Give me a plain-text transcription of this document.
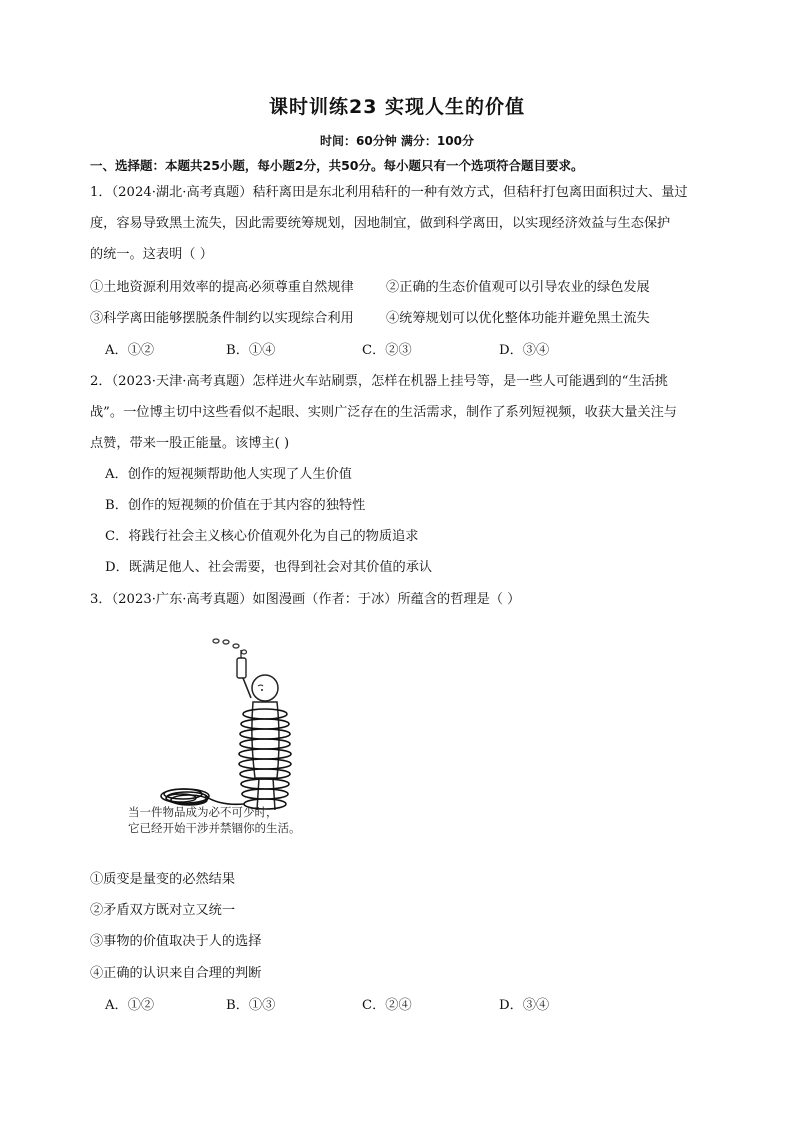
课时训练23 实现人生的价值
时间：60分钟 满分：100分
一、选择题：本题共25小题，每小题2分，共50分。每小题只有一个选项符合题目要求。
1．（2024·湖北·高考真题）秸秆离田是东北利用秸秆的一种有效方式，但秸秆打包离田面积过大、量过
度，容易导致黑土流失，因此需要统筹规划，因地制宜，做到科学离田，以实现经济效益与生态保护
的统一。这表明（ ）
①土地资源利用效率的提高必须尊重自然规律 ②正确的生态价值观可以引导农业的绿色发展
③科学离田能够摆脱条件制约以实现综合利用 ④统筹规划可以优化整体功能并避免黑土流失
A．①②	B．①④	C．②③	D．③④
2．（2023·天津·高考真题）怎样进火车站刷票，怎样在机器上挂号等，是一些人可能遇到的“生活挑
战”。一位博主切中这些看似不起眼、实则广泛存在的生活需求，制作了系列短视频，收获大量关注与
点赞，带来一股正能量。该博主( )
A．创作的短视频帮助他人实现了人生价值
B．创作的短视频的价值在于其内容的独特性
C．将践行社会主义核心价值观外化为自己的物质追求
D．既满足他人、社会需要，也得到社会对其价值的承认
3．（2023·广东·高考真题）如图漫画（作者：于冰）所蕴含的哲理是（ ）
当一件物品成为必不可少时，
它已经开始干涉并禁锢你的生活。
①质变是量变的必然结果
②矛盾双方既对立又统一
③事物的价值取决于人的选择
④正确的认识来自合理的判断
A．①②	B．①③	C．②④	D．③④
